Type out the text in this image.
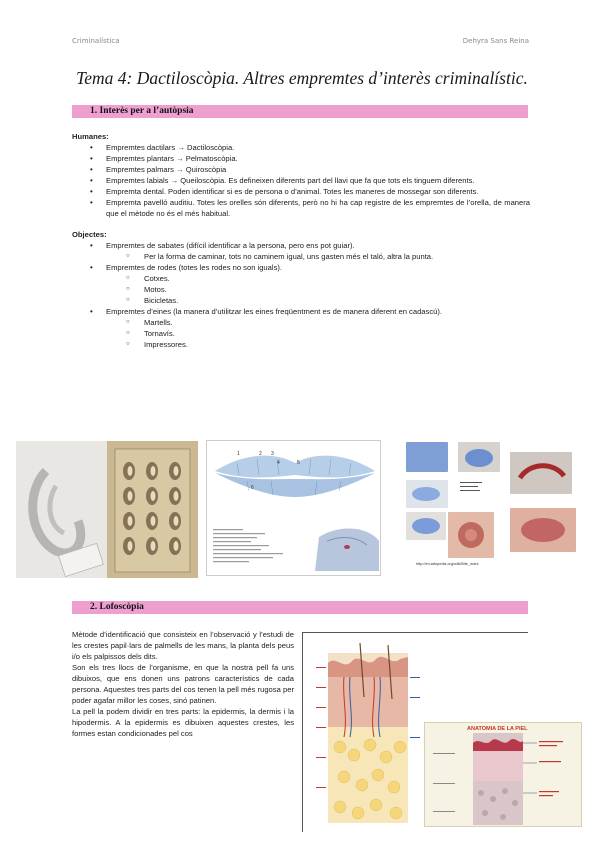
Criminalística	Dehyra Sans Reina
Tema 4: Dactiloscòpia. Altres empremtes d’interès criminalístic.
1. Interès per a l’autòpsia
Humanes:
• Empremtes dactilars → Dactiloscòpia.
• Empremtes plantars → Pelmatoscòpia.
• Empremtes palmars → Quiroscòpia
• Empremtes labials → Queiloscòpia. Es defineixen diferents part del llavi que fa que tots els tinguem diferents.
• Empremta dental. Poden identificar si es de persona o d’animal. Totes les maneres de mossegar son diferents.
• Empremta pavelló auditiu. Totes les orelles són diferents, però no hi ha cap registre de les empremtes de l’orella, de manera que el mètode no és el més habitual.
Objectes:
• Empremtes de sabates (difícil identificar a la persona, pero ens pot guiar).
○ Per la forma de caminar, tots no caminem igual, uns gasten més el taló, altra la punta.
• Empremtes de rodes (totes les rodes no son iguals).
○ Cotxes.
○ Motos.
○ Bicicletas.
• Empremtes d’eines (la manera d’utilitzar les eines freqüentment es de manera diferent en cadascú).
○ Martells.
○ Tornavís.
○ Impressores.
1	2 3
4	5
6
http://en.wikipedia.org/wiki/Bite_mark
2. Lofoscòpia

Mètode d’identificació que consisteix en l’observació y l’estudi de les crestes papil·lars de palmells de les mans, la planta dels peus i/o els palpissos dels dits.

Son els tres llocs de l’organisme, en que la nostra pell fa uns dibuixos, que ens donen uns patrons característics de cada persona. Aquestes tres parts del cos tenen la pell més rugosa per poder agafar millor les coses, sinó patinen.

La pell la podem dividir en tres parts: la epidermis, la dermis i la hipodermis. A la epidermis es dibuixen aquestes crestes, les formes estan condicionades pel cos	ANATOMIA DE LA PIEL
